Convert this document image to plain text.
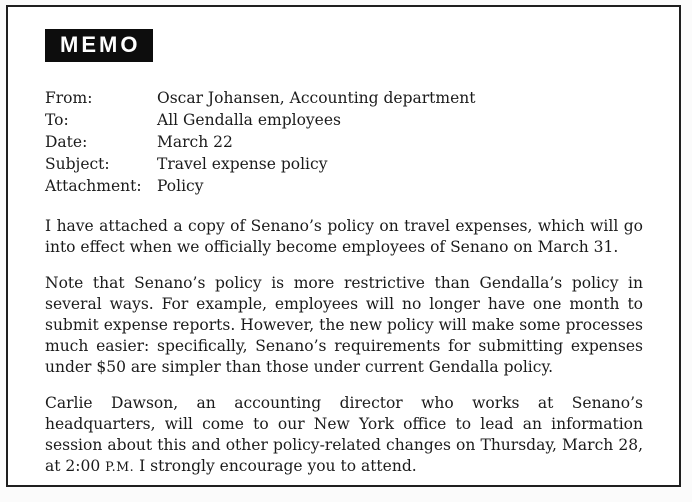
MEMO
From:	Oscar Johansen, Accounting department
To:	All Gendalla employees
Date:	March 22
Subject:	Travel expense policy
Attachment: Policy

I have attached a copy of Senano’s policy on travel expenses, which will go into effect when we officially become employees of Senano on March 31.

Note that Senano’s policy is more restrictive than Gendalla’s policy in several ways. For example, employees will no longer have one month to submit expense reports. However, the new policy will make some processes much easier: specifically, Senano’s requirements for submitting expenses under $50 are simpler than those under current Gendalla policy.

Carlie Dawson, an accounting director who works at Senano’s headquarters, will come to our New York office to lead an information session about this and other policy-related changes on Thursday, March 28, at 2:00 P.M. I strongly encourage you to attend.
